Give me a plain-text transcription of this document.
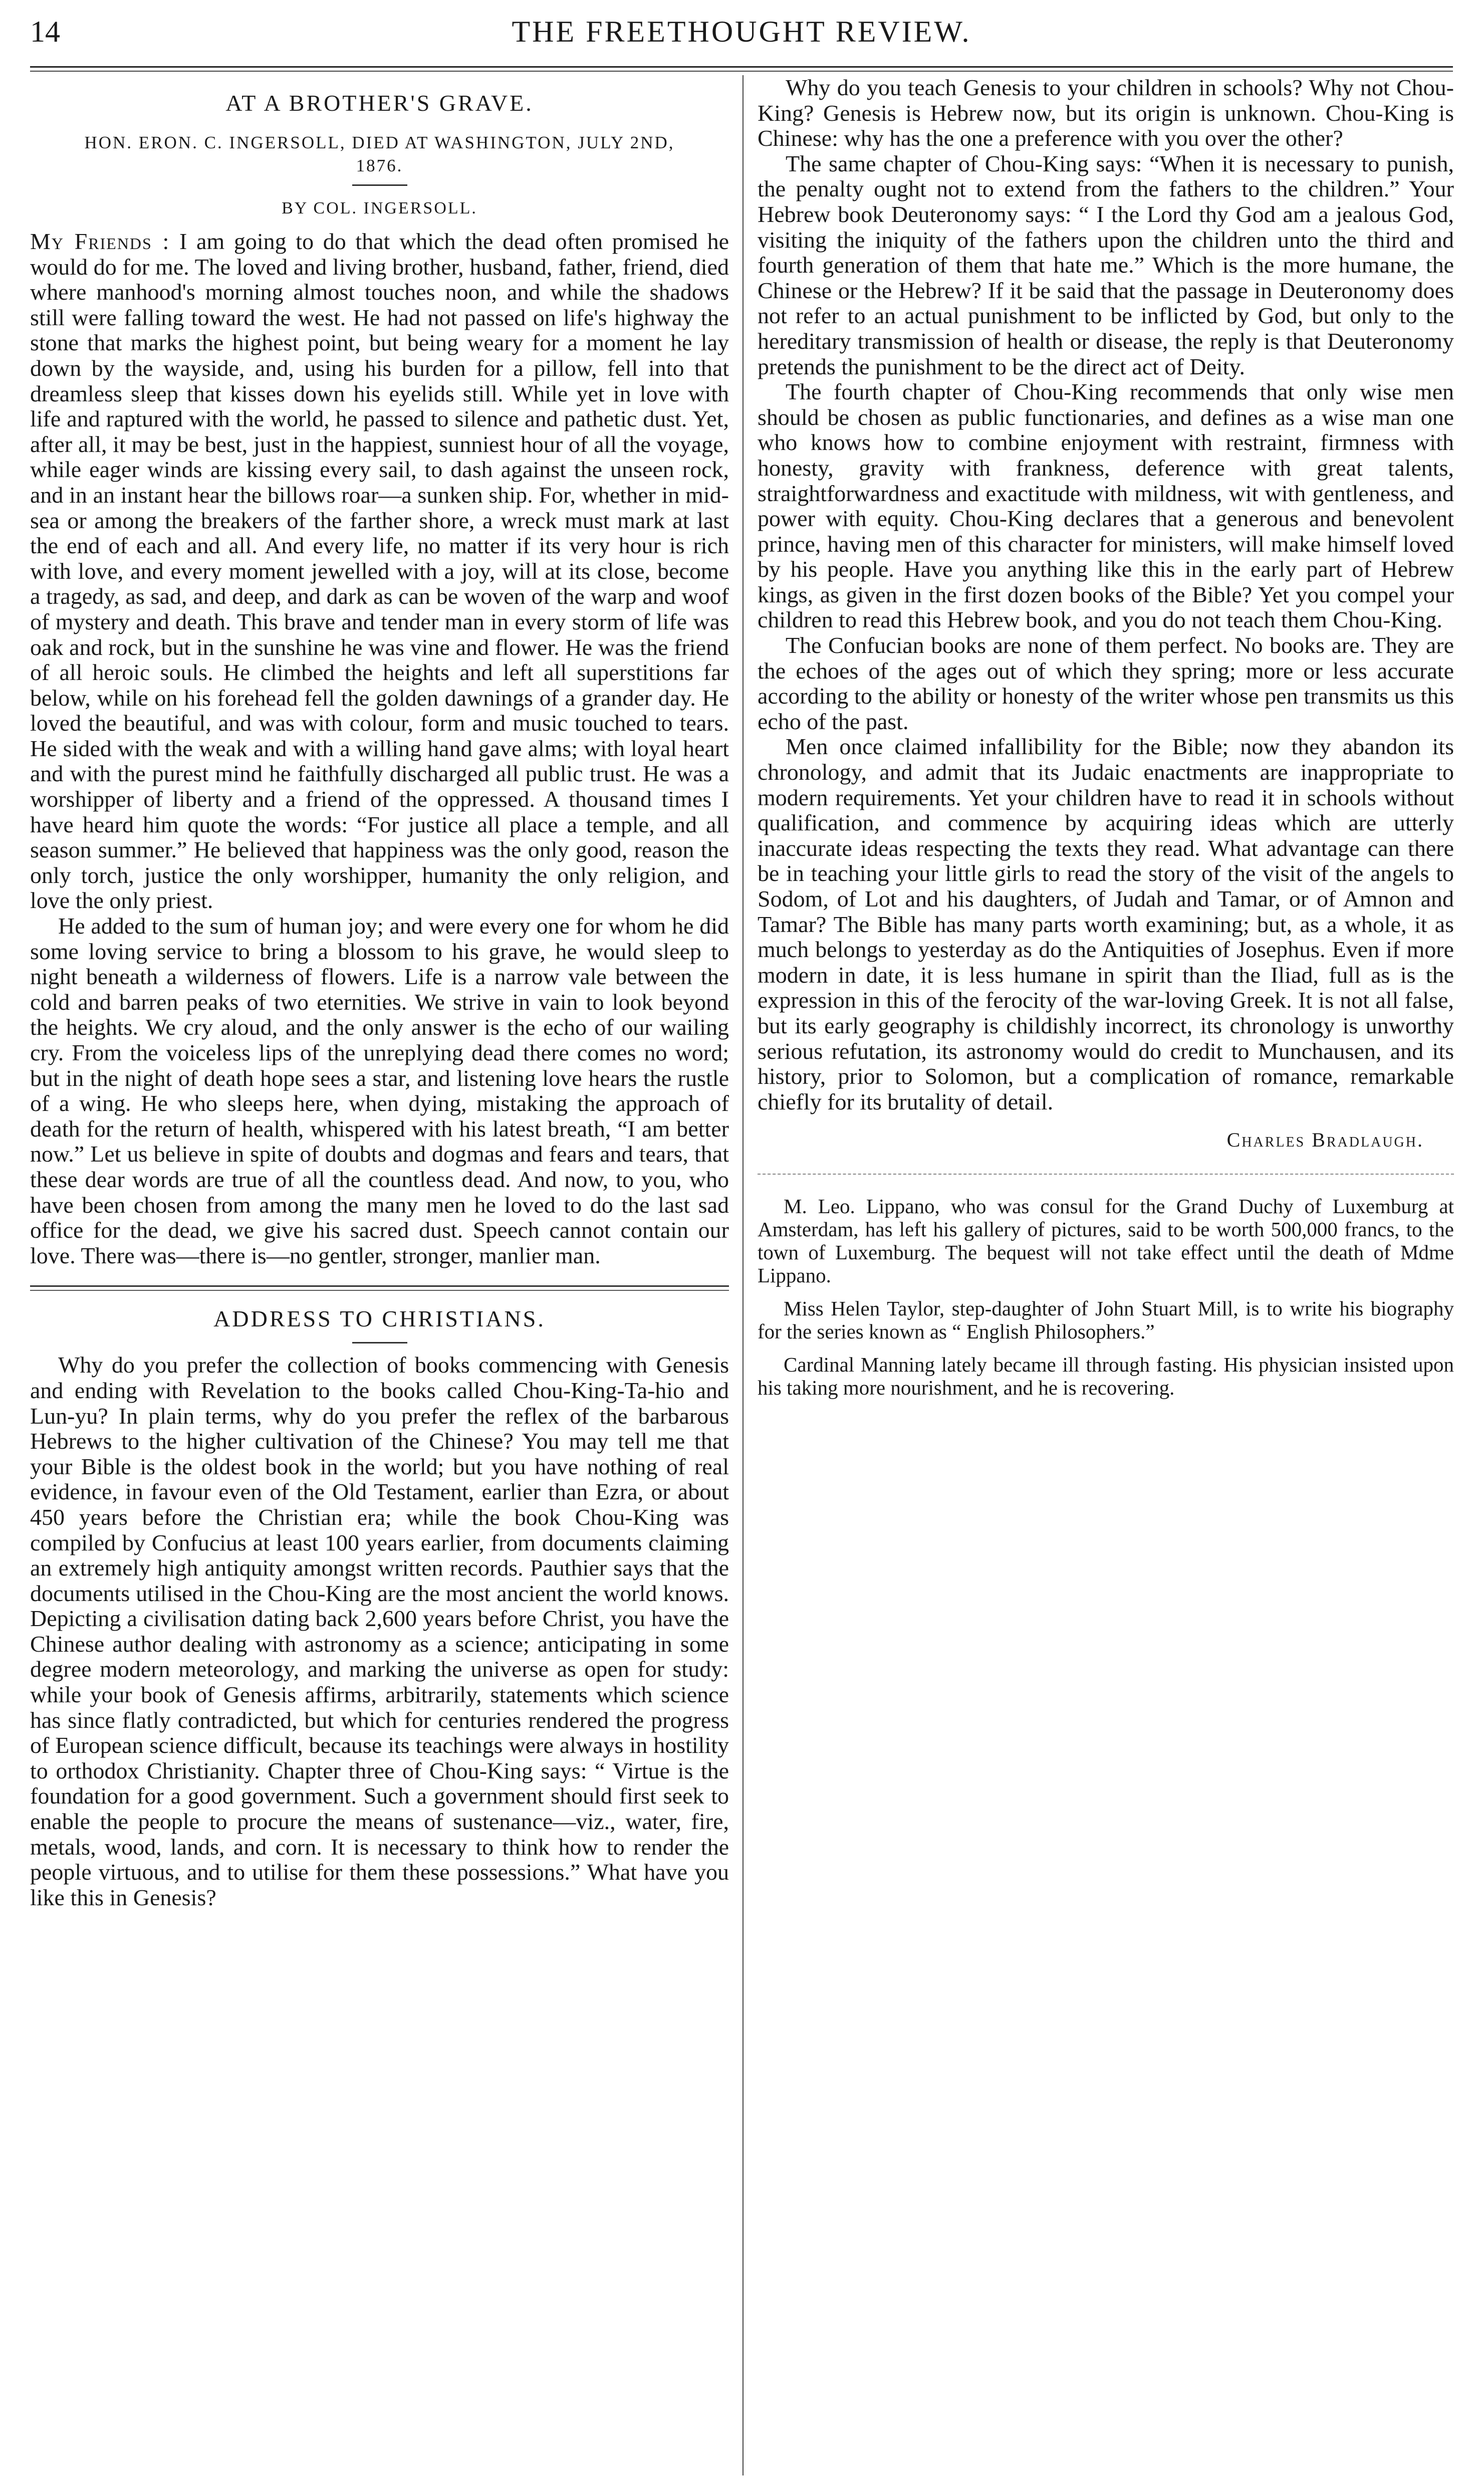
14	THE FREETHOUGHT REVIEW.
AT A BROTHER'S GRAVE.
HON. ERON. C. INGERSOLL, DIED AT WASHINGTON, JULY 2ND, 1876.
BY COL. INGERSOLL.

My Friends : I am going to do that which the dead often promised he would do for me. The loved and living brother, husband, father, friend, died where manhood's morning almost touches noon, and while the shadows still were falling toward the west. He had not passed on life's highway the stone that marks the highest point, but being weary for a moment he lay down by the wayside, and, using his burden for a pillow, fell into that dreamless sleep that kisses down his eyelids still. While yet in love with life and raptured with the world, he passed to silence and pathetic dust. Yet, after all, it may be best, just in the happiest, sunniest hour of all the voyage, while eager winds are kissing every sail, to dash against the unseen rock, and in an instant hear the billows roar—a sunken ship. For, whether in mid-sea or among the breakers of the farther shore, a wreck must mark at last the end of each and all. And every life, no matter if its very hour is rich with love, and every moment jewelled with a joy, will at its close, become a tragedy, as sad, and deep, and dark as can be woven of the warp and woof of mystery and death. This brave and tender man in every storm of life was oak and rock, but in the sunshine he was vine and flower. He was the friend of all heroic souls. He climbed the heights and left all superstitions far below, while on his forehead fell the golden dawnings of a grander day. He loved the beautiful, and was with colour, form and music touched to tears. He sided with the weak and with a willing hand gave alms; with loyal heart and with the purest mind he faithfully discharged all public trust. He was a worshipper of liberty and a friend of the oppressed. A thousand times I have heard him quote the words: “For justice all place a temple, and all season summer.” He believed that happiness was the only good, reason the only torch, justice the only worshipper, humanity the only religion, and love the only priest.

He added to the sum of human joy; and were every one for whom he did some loving service to bring a blossom to his grave, he would sleep to night beneath a wilderness of flowers. Life is a narrow vale between the cold and barren peaks of two eternities. We strive in vain to look beyond the heights. We cry aloud, and the only answer is the echo of our wailing cry. From the voiceless lips of the unreplying dead there comes no word; but in the night of death hope sees a star, and listening love hears the rustle of a wing. He who sleeps here, when dying, mistaking the approach of death for the return of health, whispered with his latest breath, “I am better now.” Let us believe in spite of doubts and dogmas and fears and tears, that these dear words are true of all the countless dead. And now, to you, who have been chosen from among the many men he loved to do the last sad office for the dead, we give his sacred dust. Speech cannot contain our love. There was—there is—no gentler, stronger, manlier man.

ADDRESS TO CHRISTIANS.

Why do you prefer the collection of books commencing with Genesis and ending with Revelation to the books called Chou-King-Ta-hio and Lun-yu? In plain terms, why do you prefer the reflex of the barbarous Hebrews to the higher cultivation of the Chinese? You may tell me that your Bible is the oldest book in the world; but you have nothing of real evidence, in favour even of the Old Testament, earlier than Ezra, or about 450 years before the Christian era; while the book Chou-King was compiled by Confucius at least 100 years earlier, from documents claiming an extremely high antiquity amongst written records. Pauthier says that the documents utilised in the Chou-King are the most ancient the world knows. Depicting a civilisation dating back 2,600 years before Christ, you have the Chinese author dealing with astronomy as a science; anticipating in some degree modern meteorology, and marking the universe as open for study: while your book of Genesis affirms, arbitrarily, statements which science has since flatly contradicted, but which for centuries rendered the progress of European science difficult, because its teachings were always in hostility to orthodox Christianity. Chapter three of Chou-King says: “ Virtue is the foundation for a good government. Such a government should first seek to enable the people to procure the means of sustenance—viz., water, fire, metals, wood, lands, and corn. It is necessary to think how to render the people virtuous, and to utilise for them these possessions.” What have you like this in Genesis?

Why do you teach Genesis to your children in schools? Why not Chou-King? Genesis is Hebrew now, but its origin is unknown. Chou-King is Chinese: why has the one a preference with you over the other?

The same chapter of Chou-King says: “When it is necessary to punish, the penalty ought not to extend from the fathers to the children.” Your Hebrew book Deuteronomy says: “ I the Lord thy God am a jealous God, visiting the iniquity of the fathers upon the children unto the third and fourth generation of them that hate me.” Which is the more humane, the Chinese or the Hebrew? If it be said that the passage in Deuteronomy does not refer to an actual punishment to be inflicted by God, but only to the hereditary transmission of health or disease, the reply is that Deuteronomy pretends the punishment to be the direct act of Deity.

The fourth chapter of Chou-King recommends that only wise men should be chosen as public functionaries, and defines as a wise man one who knows how to combine enjoyment with restraint, firmness with honesty, gravity with frankness, deference with great talents, straightforwardness and exactitude with mildness, wit with gentleness, and power with equity. Chou-King declares that a generous and benevolent prince, having men of this character for ministers, will make himself loved by his people. Have you anything like this in the early part of Hebrew kings, as given in the first dozen books of the Bible? Yet you compel your children to read this Hebrew book, and you do not teach them Chou-King.

The Confucian books are none of them perfect. No books are. They are the echoes of the ages out of which they spring; more or less accurate according to the ability or honesty of the writer whose pen transmits us this echo of the past.

Men once claimed infallibility for the Bible; now they abandon its chronology, and admit that its Judaic enactments are inappropriate to modern requirements. Yet your children have to read it in schools without qualification, and commence by acquiring ideas which are utterly inaccurate ideas respecting the texts they read. What advantage can there be in teaching your little girls to read the story of the visit of the angels to Sodom, of Lot and his daughters, of Judah and Tamar, or of Amnon and Tamar? The Bible has many parts worth examining; but, as a whole, it as much belongs to yesterday as do the Antiquities of Josephus. Even if more modern in date, it is less humane in spirit than the Iliad, full as is the expression in this of the ferocity of the war-loving Greek. It is not all false, but its early geography is childishly incorrect, its chronology is unworthy serious refutation, its astronomy would do credit to Munchausen, and its history, prior to Solomon, but a complication of romance, remarkable chiefly for its brutality of detail.

Charles Bradlaugh.

M. Leo. Lippano, who was consul for the Grand Duchy of Luxemburg at Amsterdam, has left his gallery of pictures, said to be worth 500,000 francs, to the town of Luxemburg. The bequest will not take effect until the death of Mdme Lippano.

Miss Helen Taylor, step-daughter of John Stuart Mill, is to write his biography for the series known as “ English Philosophers.”

Cardinal Manning lately became ill through fasting. His physician insisted upon his taking more nourishment, and he is recovering.
